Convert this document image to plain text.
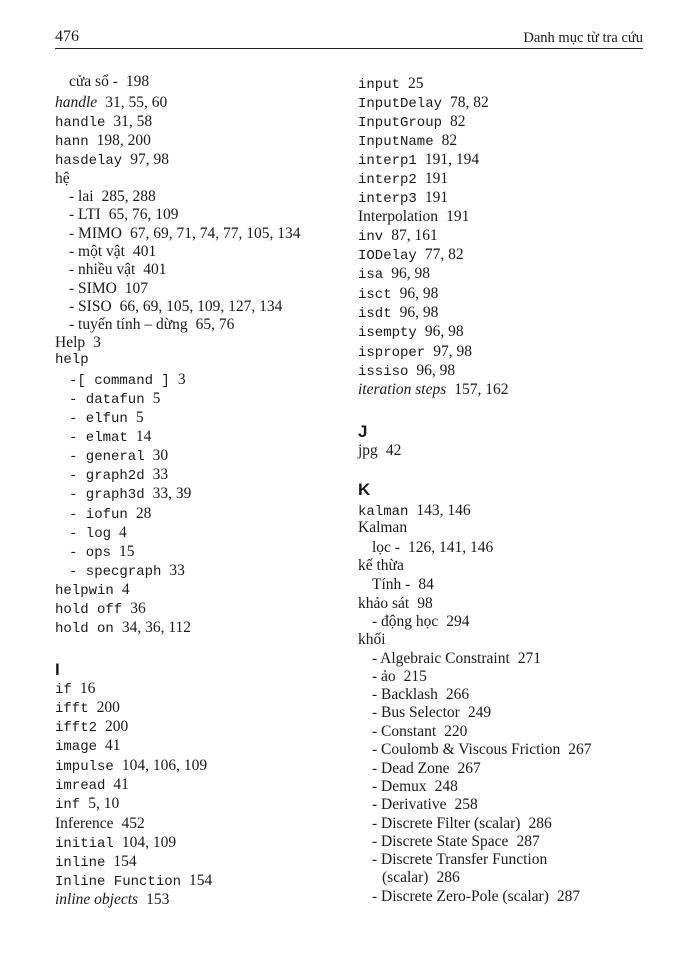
476	Danh mục từ tra cứu
cửa sổ - 198
handle 31, 55, 60
handle 31, 58
hann 198, 200
hasdelay 97, 98
hệ
- lai 285, 288
- LTI 65, 76, 109
- MIMO 67, 69, 71, 74, 77, 105, 134
- một vật 401
- nhiều vật 401
- SIMO 107
- SISO 66, 69, 105, 109, 127, 134
- tuyến tính – dừng 65, 76
Help 3
help
-[ command ] 3
- datafun 5
- elfun 5
- elmat 14
- general 30
- graph2d 33
- graph3d 33, 39
- iofun 28
- log 4
- ops 15
- specgraph 33
helpwin 4
hold off 36
hold on 34, 36, 112
I
if 16
ifft 200
ifft2 200
image 41
impulse 104, 106, 109
imread 41
inf 5, 10
Inference 452
initial 104, 109
inline 154
Inline Function 154
inline objects 153
input 25
InputDelay 78, 82
InputGroup 82
InputName 82
interp1 191, 194
interp2 191
interp3 191
Interpolation 191
inv 87, 161
IODelay 77, 82
isa 96, 98
isct 96, 98
isdt 96, 98
isempty 96, 98
isproper 97, 98
issiso 96, 98
iteration steps 157, 162
J
jpg 42
K
kalman 143, 146
Kalman
lọc - 126, 141, 146
kế thừa
Tính - 84
khảo sát 98
- động học 294
khối
- Algebraic Constraint 271
- ảo 215
- Backlash 266
- Bus Selector 249
- Constant 220
- Coulomb & Viscous Friction 267
- Dead Zone 267
- Demux 248
- Derivative 258
- Discrete Filter (scalar) 286
- Discrete State Space 287
- Discrete Transfer Function
(scalar) 286
- Discrete Zero-Pole (scalar) 287
